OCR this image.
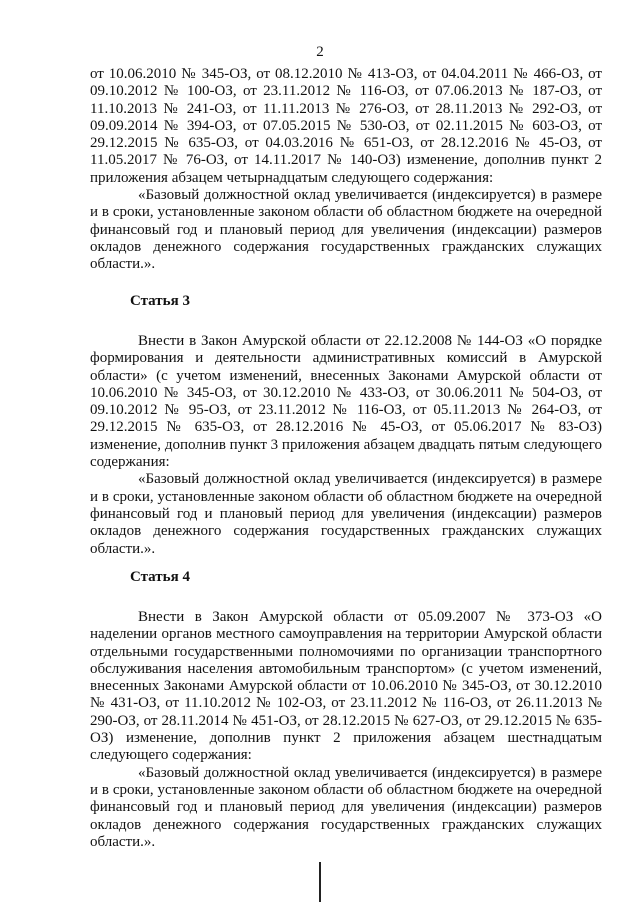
2

от 10.06.2010 № 345-ОЗ, от 08.12.2010 № 413-ОЗ, от 04.04.2011 № 466-ОЗ, от 09.10.2012 № 100-ОЗ, от 23.11.2012 № 116-ОЗ, от 07.06.2013 № 187-ОЗ, от 11.10.2013 № 241-ОЗ, от 11.11.2013 № 276-ОЗ, от 28.11.2013 № 292-ОЗ, от 09.09.2014 № 394-ОЗ, от 07.05.2015 № 530-ОЗ, от 02.11.2015 № 603-ОЗ, от 29.12.2015 № 635-ОЗ, от 04.03.2016 № 651-ОЗ, от 28.12.2016 № 45-ОЗ, от 11.05.2017 № 76-ОЗ, от 14.11.2017 № 140-ОЗ) изменение, дополнив пункт 2 приложения абзацем четырнадцатым следующего содержания:

«Базовый должностной оклад увеличивается (индексируется) в размере и в сроки, установленные законом области об областном бюджете на очередной финансовый год и плановый период для увеличения (индексации) размеров окладов денежного содержания государственных гражданских служащих области.».

Статья 3

Внести в Закон Амурской области от 22.12.2008 № 144-ОЗ «О порядке формирования и деятельности административных комиссий в Амурской области» (с учетом изменений, внесенных Законами Амурской области от 10.06.2010 № 345-ОЗ, от 30.12.2010 № 433-ОЗ, от 30.06.2011 № 504-ОЗ, от 09.10.2012 № 95-ОЗ, от 23.11.2012 № 116-ОЗ, от 05.11.2013 № 264-ОЗ, от 29.12.2015 № 635-ОЗ, от 28.12.2016 № 45-ОЗ, от 05.06.2017 № 83-ОЗ) изменение, дополнив пункт 3 приложения абзацем двадцать пятым следующего содержания:

«Базовый должностной оклад увеличивается (индексируется) в размере и в сроки, установленные законом области об областном бюджете на очередной финансовый год и плановый период для увеличения (индексации) размеров окладов денежного содержания государственных гражданских служащих области.».

Статья 4

Внести в Закон Амурской области от 05.09.2007 № 373-ОЗ «О наделении органов местного самоуправления на территории Амурской области отдельными государственными полномочиями по организации транспортного обслуживания населения автомобильным транспортом» (с учетом изменений, внесенных Законами Амурской области от 10.06.2010 № 345-ОЗ, от 30.12.2010 № 431-ОЗ, от 11.10.2012 № 102-ОЗ, от 23.11.2012 № 116-ОЗ, от 26.11.2013 № 290-ОЗ, от 28.11.2014 № 451-ОЗ, от 28.12.2015 № 627-ОЗ, от 29.12.2015 № 635-ОЗ) изменение, дополнив пункт 2 приложения абзацем шестнадцатым следующего содержания:

«Базовый должностной оклад увеличивается (индексируется) в размере и в сроки, установленные законом области об областном бюджете на очередной финансовый год и плановый период для увеличения (индексации) размеров окладов денежного содержания государственных гражданских служащих области.».
